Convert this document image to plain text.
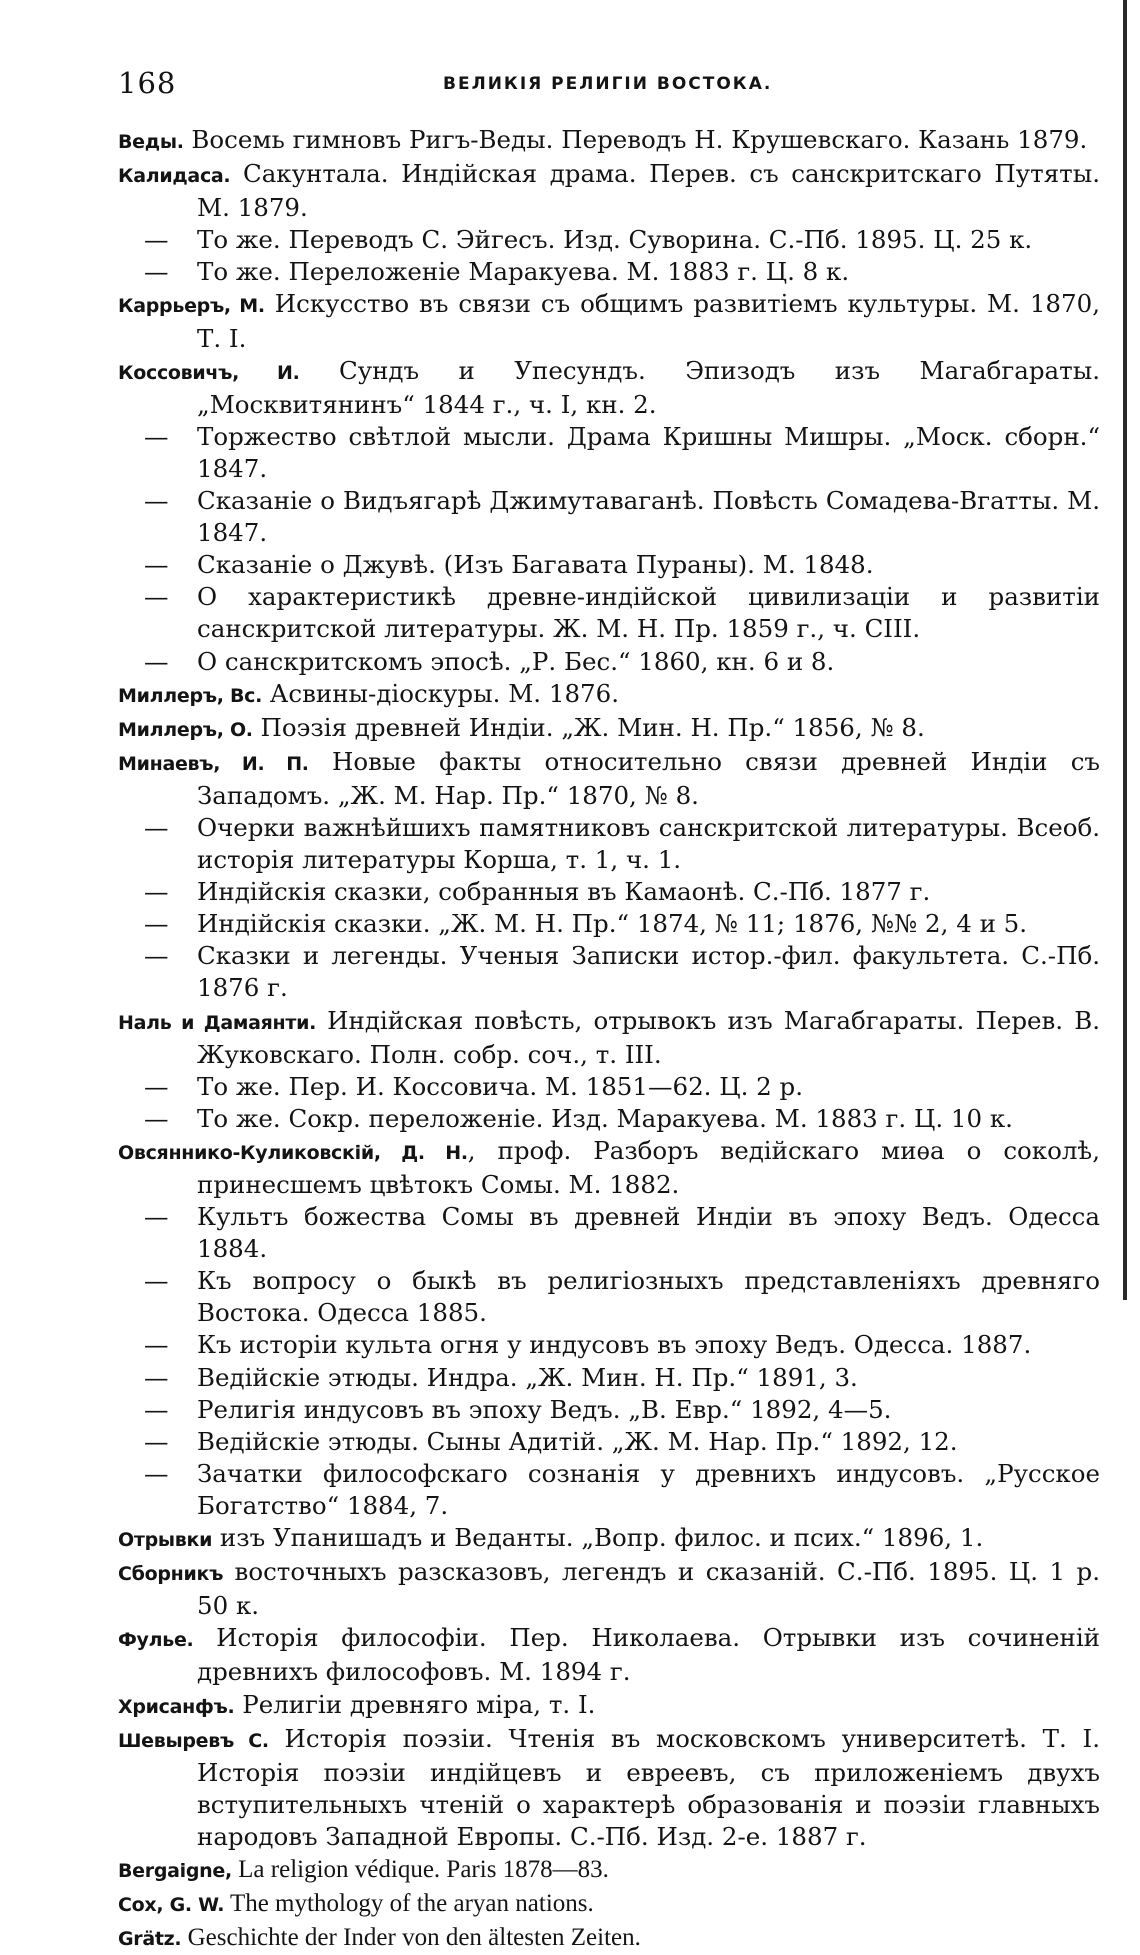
168	ВЕЛИКІЯ РЕЛИГІИ ВОСТОКА.
Веды. Восемь гимновъ Ригъ-Веды. Переводъ Н. Крушевскаго. Казань 1879.
Калидаса. Сакунтала. Индійская драма. Перев. съ санскритскаго Путяты. М. 1879.
— То же. Переводъ С. Эйгесъ. Изд. Суворина. С.-Пб. 1895. Ц. 25 к.
— То же. Переложеніе Маракуева. М. 1883 г. Ц. 8 к.
Каррьеръ, М. Искусство въ связи съ общимъ развитіемъ культуры. М. 1870, Т. I.
Коссовичъ, И. Сундъ и Упесундъ. Эпизодъ изъ Магабгараты. „Москвитянинъ“ 1844 г., ч. I, кн. 2.
— Торжество свѣтлой мысли. Драма Кришны Мишры. „Моск. сборн.“ 1847.
— Сказаніе о Видъягарѣ Джимутаваганѣ. Повѣсть Сомадева-Вгатты. М. 1847.
— Сказаніе о Джувѣ. (Изъ Багавата Пураны). М. 1848.
— О характеристикѣ древне-индійской цивилизаціи и развитіи санскритской литературы. Ж. М. Н. Пр. 1859 г., ч. CIII.
— О санскритскомъ эпосѣ. „Р. Бес.“ 1860, кн. 6 и 8.
Миллеръ, Вс. Асвины-діоскуры. М. 1876.
Миллеръ, О. Поэзія древней Индіи. „Ж. Мин. Н. Пр.“ 1856, № 8.
Минаевъ, И. П. Новые факты относительно связи древней Индіи съ Западомъ. „Ж. М. Нар. Пр.“ 1870, № 8.
— Очерки важнѣйшихъ памятниковъ санскритской литературы. Всеоб. исторія литературы Корша, т. 1, ч. 1.
— Индійскія сказки, собранныя въ Камаонѣ. С.-Пб. 1877 г.
— Индійскія сказки. „Ж. М. Н. Пр.“ 1874, № 11; 1876, №№ 2, 4 и 5.
— Сказки и легенды. Ученыя Записки истор.-фил. факультета. С.-Пб. 1876 г.
Наль и Дамаянти. Индійская повѣсть, отрывокъ изъ Магабгараты. Перев. В. Жуковскаго. Полн. собр. соч., т. III.
— То же. Пер. И. Коссовича. М. 1851—62. Ц. 2 р.
— То же. Сокр. переложеніе. Изд. Маракуева. М. 1883 г. Ц. 10 к.
Овсяннико-Куликовскій, Д. Н., проф. Разборъ ведійскаго миѳа о соколѣ, принесшемъ цвѣтокъ Сомы. М. 1882.
— Культъ божества Сомы въ древней Индіи въ эпоху Ведъ. Одесса 1884.
— Къ вопросу о быкѣ въ религіозныхъ представленіяхъ древняго Востока. Одесса 1885.
— Къ исторіи культа огня у индусовъ въ эпоху Ведъ. Одесса. 1887.
— Ведійскіе этюды. Индра. „Ж. Мин. Н. Пр.“ 1891, 3.
— Религія индусовъ въ эпоху Ведъ. „В. Евр.“ 1892, 4—5.
— Ведійскіе этюды. Сыны Адитій. „Ж. М. Нар. Пр.“ 1892, 12.
— Зачатки философскаго сознанія у древнихъ индусовъ. „Русское Богатство“ 1884, 7.
Отрывки изъ Упанишадъ и Веданты. „Вопр. филос. и псих.“ 1896, 1.
Сборникъ восточныхъ разсказовъ, легендъ и сказаній. С.-Пб. 1895. Ц. 1 р. 50 к.
Фулье. Исторія философіи. Пер. Николаева. Отрывки изъ сочиненій древнихъ философовъ. М. 1894 г.
Хрисанфъ. Религіи древняго міра, т. I.
Шевыревъ С. Исторія поэзіи. Чтенія въ московскомъ университетѣ. Т. I. Исторія поэзіи индійцевъ и евреевъ, съ приложеніемъ двухъ вступительныхъ чтеній о характерѣ образованія и поэзіи главныхъ народовъ Западной Европы. С.-Пб. Изд. 2-е. 1887 г.
Bergaigne, La religion védique. Paris 1878—83.
Cox, G. W. The mythology of the aryan nations.
Grätz. Geschichte der Inder von den ältesten Zeiten.
